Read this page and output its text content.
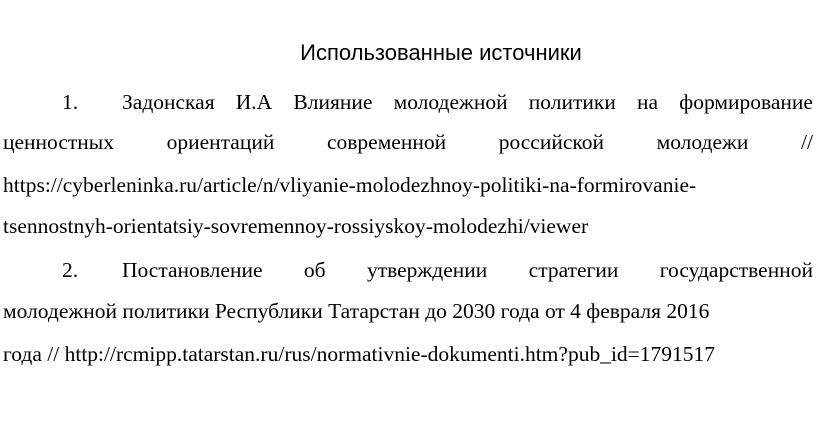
Использованные источники
1.	Задонская И.А Влияние молодежной политики на формирование
ценностных ориентаций современной российской молодежи //
https://cyberleninka.ru/article/n/vliyanie-molodezhnoy-politiki-na-formirovanie-
tsennostnyh-orientatsiy-sovremennoy-rossiyskoy-molodezhi/viewer
2.	Постановление об утверждении стратегии государственной
молодежной политики Республики Татарстан до 2030 года от 4 февраля 2016
года // http://rcmipp.tatarstan.ru/rus/normativnie-dokumenti.htm?pub_id=1791517
